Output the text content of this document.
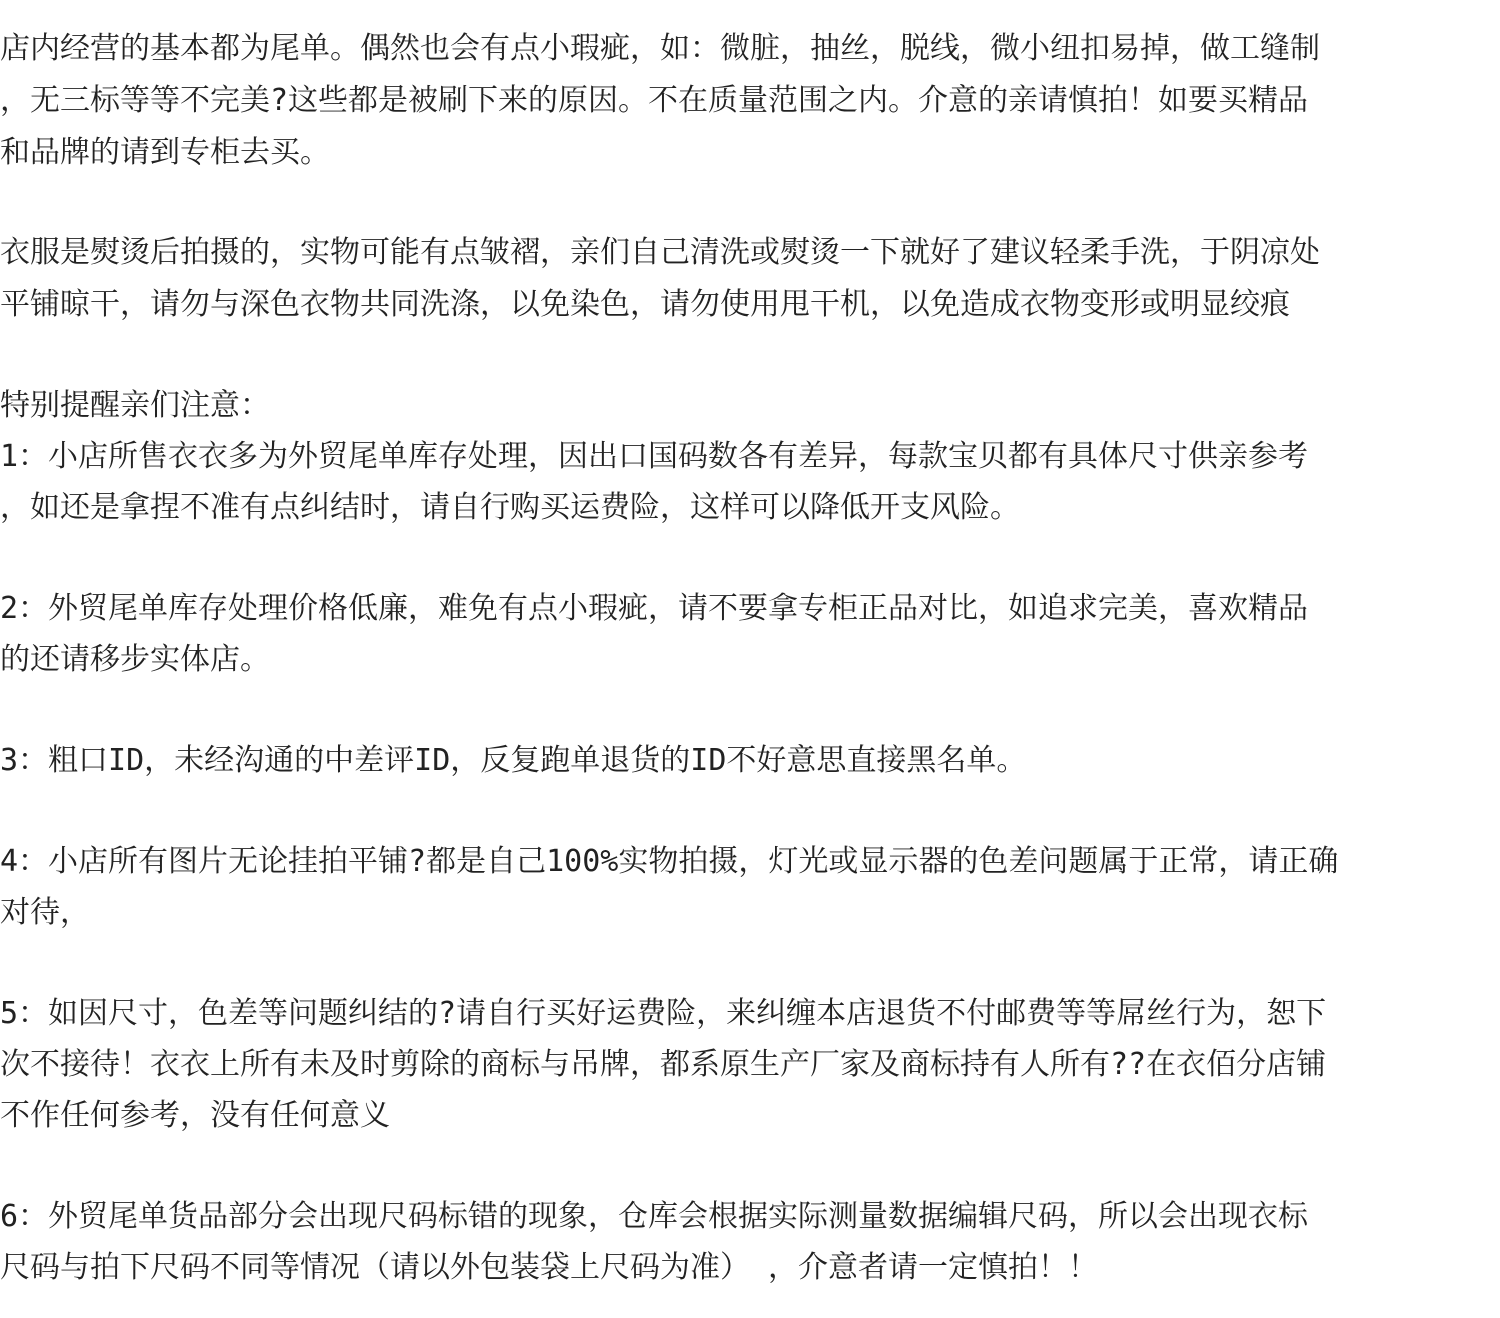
店内经营的基本都为尾单。偶然也会有点小瑕疵，如：微脏，抽丝，脱线，微小纽扣易掉，做工缝制
，无三标等等不完美?这些都是被刷下来的原因。不在质量范围之内。介意的亲请慎拍！如要买精品
和品牌的请到专柜去买。
衣服是熨烫后拍摄的，实物可能有点皱褶，亲们自己清洗或熨烫一下就好了建议轻柔手洗，于阴凉处
平铺晾干，请勿与深色衣物共同洗涤，以免染色，请勿使用甩干机，以免造成衣物变形或明显绞痕
特别提醒亲们注意：
1：小店所售衣衣多为外贸尾单库存处理，因出口国码数各有差异，每款宝贝都有具体尺寸供亲参考
，如还是拿捏不准有点纠结时，请自行购买运费险，这样可以降低开支风险。
2：外贸尾单库存处理价格低廉，难免有点小瑕疵，请不要拿专柜正品对比，如追求完美，喜欢精品
的还请移步实体店。
3：粗口ID，未经沟通的中差评ID，反复跑单退货的ID不好意思直接黑名单。
4：小店所有图片无论挂拍平铺?都是自己100%实物拍摄，灯光或显示器的色差问题属于正常，请正确
对待，
5：如因尺寸，色差等问题纠结的?请自行买好运费险，来纠缠本店退货不付邮费等等屌丝行为，恕下
次不接待！衣衣上所有未及时剪除的商标与吊牌，都系原生产厂家及商标持有人所有??在衣佰分店铺
不作任何参考，没有任何意义
6：外贸尾单货品部分会出现尺码标错的现象，仓库会根据实际测量数据编辑尺码，所以会出现衣标
尺码与拍下尺码不同等情况（请以外包装袋上尺码为准） ，介意者请一定慎拍！！
